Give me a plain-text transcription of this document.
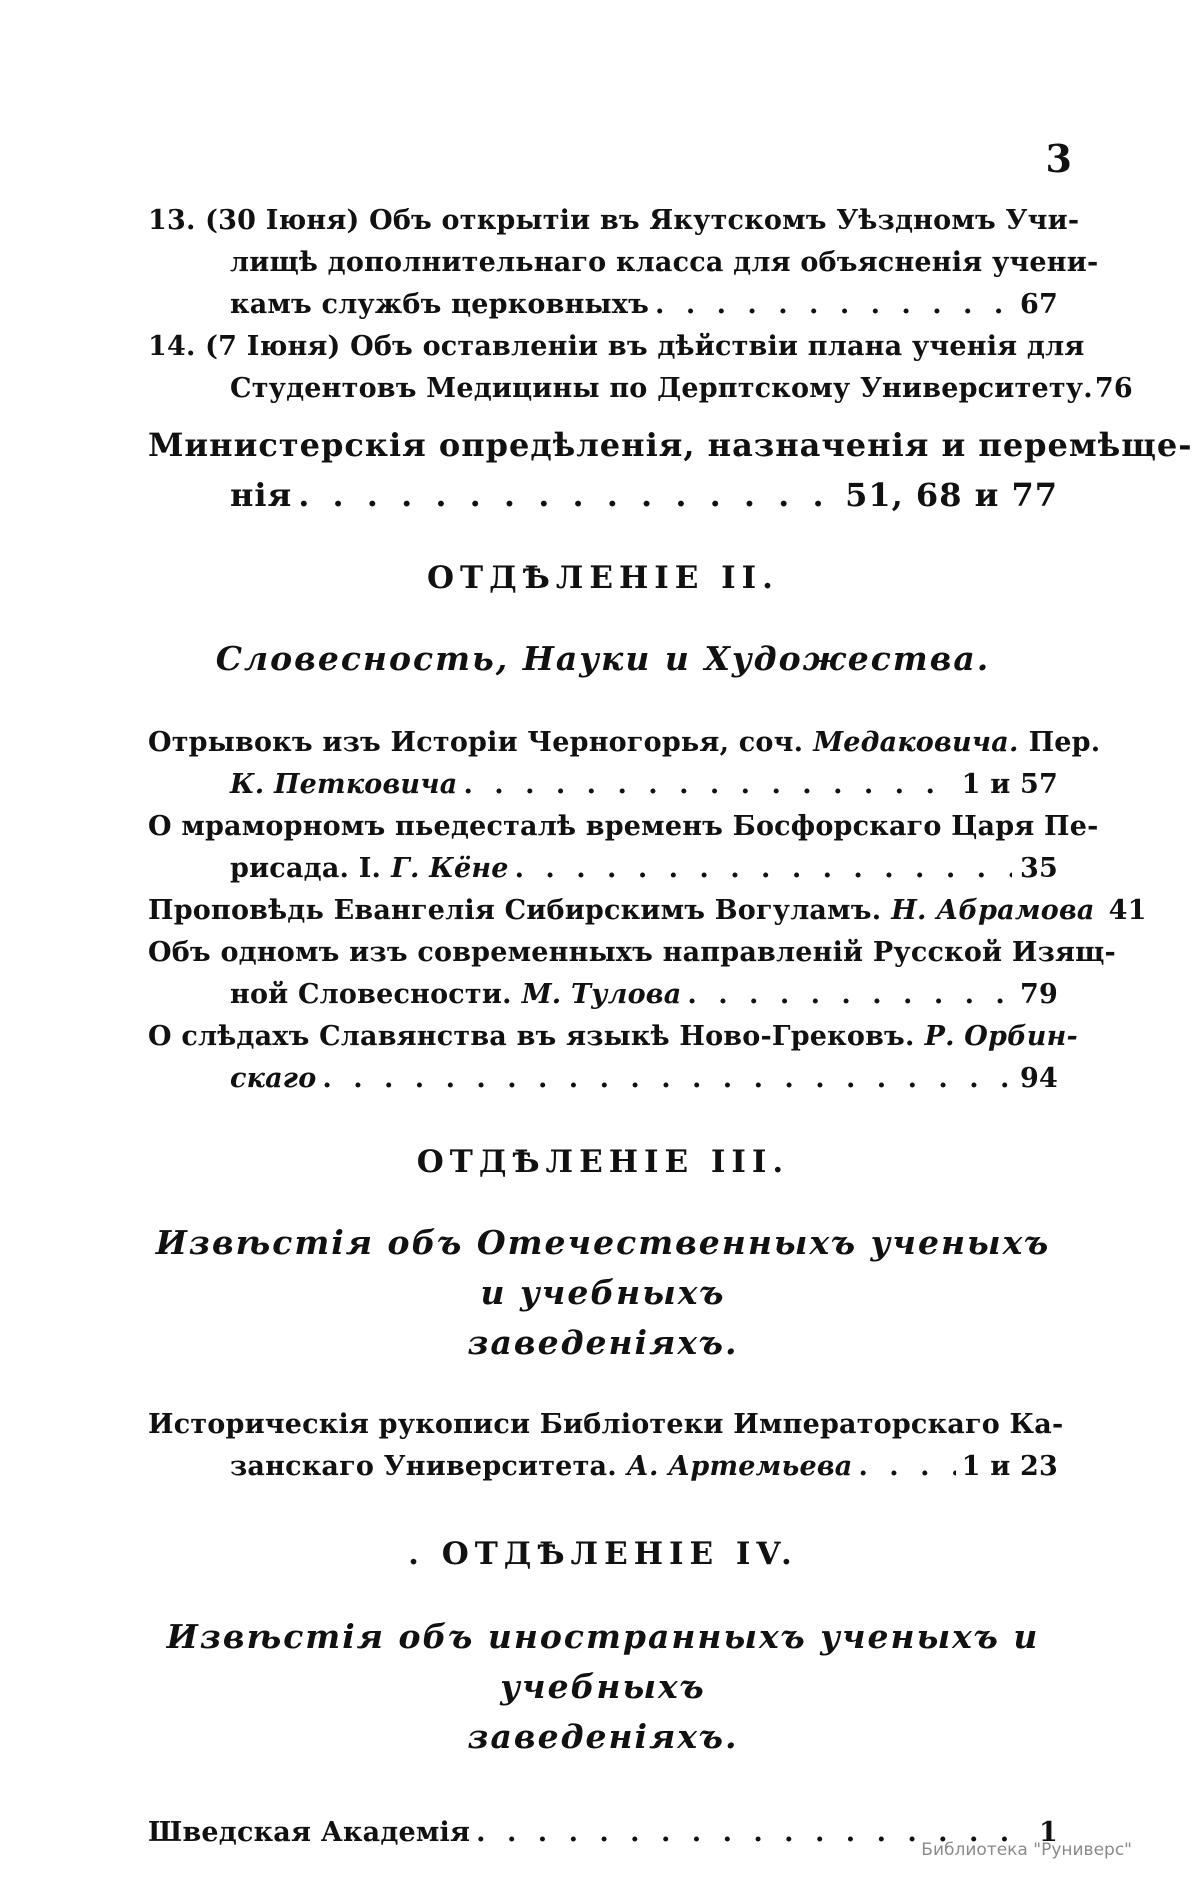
3
13. (30 Іюня) Объ открытіи въ Якутскомъ Уѣздномъ Учи-
лищѣ дополнительнаго класса для объясненія учени-
камъ службъ церковныхъ . . .	67
14. (7 Іюня) Объ оставленіи въ дѣйствіи плана ученія для
Студентовъ Медицины по Дерптскому Университету. 76
Министерскія опредѣленія, назначенія и перемѣще-
нія . . .	51, 68 и 77
ОТДѢЛЕНІЕ II.
Словесность, Науки и Художества.
Отрывокъ изъ Исторіи Черногорья, соч. Медаковича. Пер.
К. Петковича . . .	1 и 57
О мраморномъ пьедесталѣ временъ Босфорскаго Царя Пе-
рисада. І. Г. Кёне . . .	35
Проповѣдь Евангелія Сибирскимъ Вогуламъ. Н. Абрамова 41
Объ одномъ изъ современныхъ направленій Русской Изящ-
ной Словесности. М. Тулова . . .	79
О слѣдахъ Славянства въ языкѣ Ново-Грековъ. Р. Орбин-
скаго . . .	94
ОТДѢЛЕНІЕ III.
Извѣстія объ Отечественныхъ ученыхъ и учебныхъ
заведеніяхъ.
Историческія рукописи Библіотеки Императорскаго Ка-
занскаго Университета. А. Артемьева . . .	1 и 23
. ОТДѢЛЕНІЕ IV.
Извѣстія объ иностранныхъ ученыхъ и учебныхъ
заведеніяхъ.
Шведская Академія . . .	1
Библиотека "Руниверс"
